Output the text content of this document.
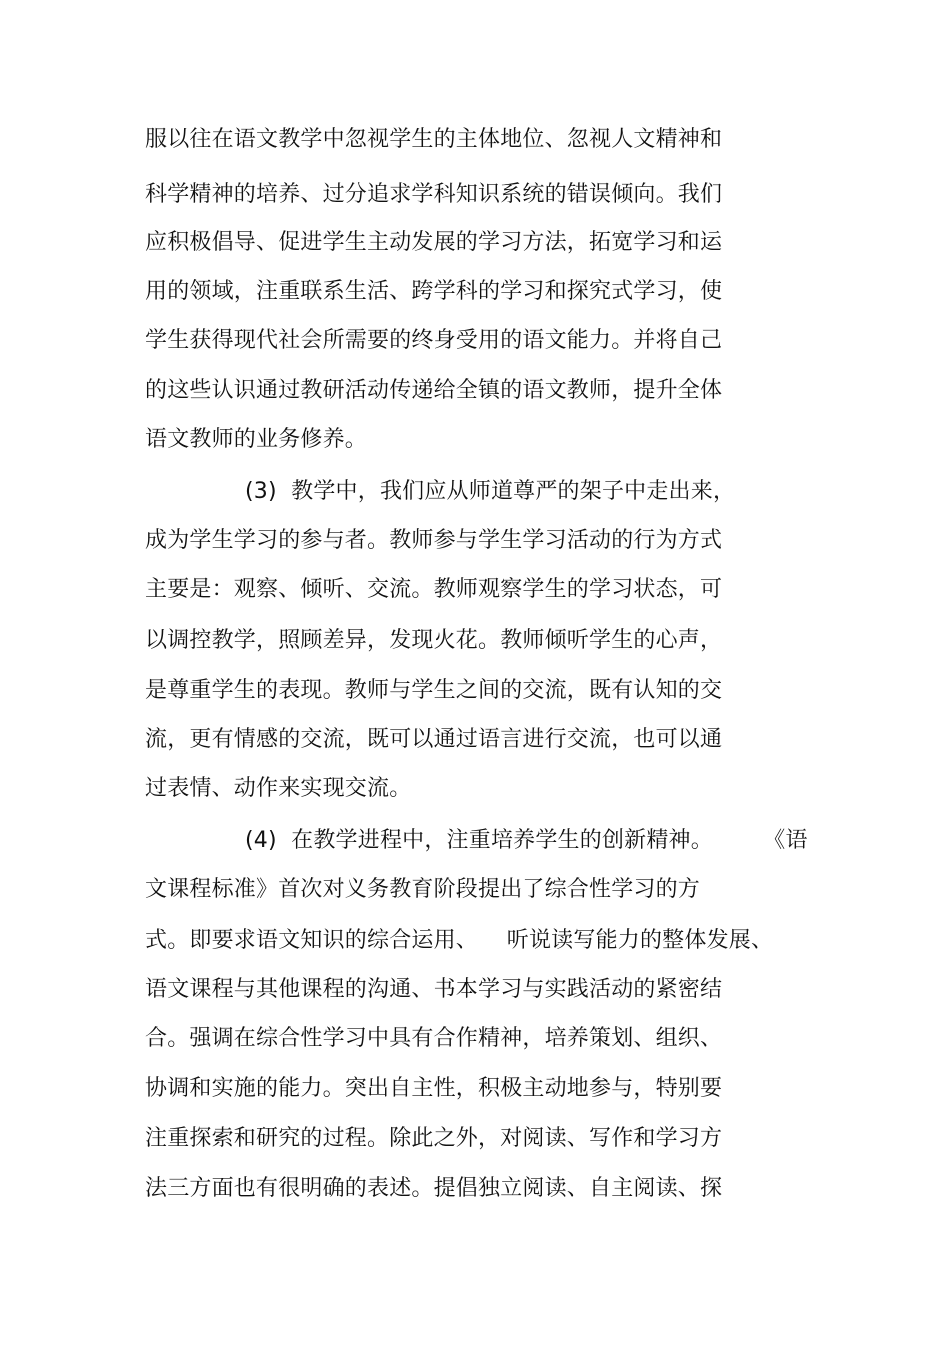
服以往在语文教学中忽视学生的主体地位、忽视人文精神和
科学精神的培养、过分追求学科知识系统的错误倾向。我们
应积极倡导、促进学生主动发展的学习方法，拓宽学习和运
用的领域，注重联系生活、跨学科的学习和探究式学习，使
学生获得现代社会所需要的终身受用的语文能力。并将自己
的这些认识通过教研活动传递给全镇的语文教师，提升全体
语文教师的业务修养。
(3)  教学中，我们应从师道尊严的架子中走出来，
成为学生学习的参与者。教师参与学生学习活动的行为方式
主要是：观察、倾听、交流。教师观察学生的学习状态，可
以调控教学，照顾差异，发现火花。教师倾听学生的心声，
是尊重学生的表现。教师与学生之间的交流，既有认知的交
流，更有情感的交流，既可以通过语言进行交流，也可以通
过表情、动作来实现交流。
(4)  在教学进程中，注重培养学生的创新精神。       《语
文课程标准》首次对义务教育阶段提出了综合性学习的方
式。即要求语文知识的综合运用、    听说读写能力的整体发展、
语文课程与其他课程的沟通、书本学习与实践活动的紧密结
合。强调在综合性学习中具有合作精神，培养策划、组织、
协调和实施的能力。突出自主性，积极主动地参与，特别要
注重探索和研究的过程。除此之外，对阅读、写作和学习方
法三方面也有很明确的表述。提倡独立阅读、自主阅读、探
